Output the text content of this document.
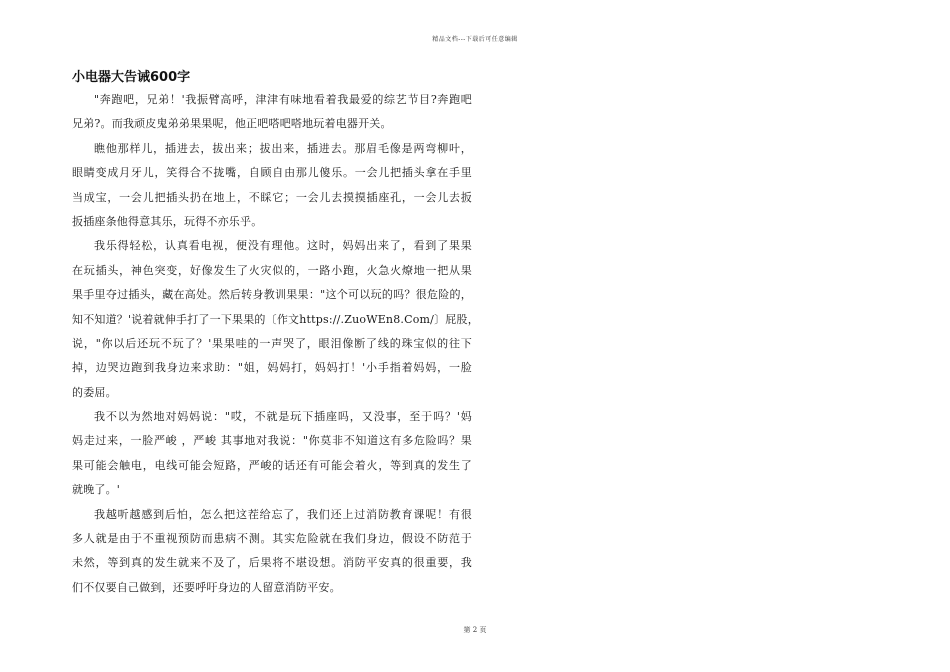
精品文档---下载后可任意编辑
小电器大告诫600字

"奔跑吧，兄弟！'我振臂高呼，津津有味地看着我最爱的综艺节目?奔跑吧
兄弟?。而我顽皮鬼弟弟果果呢，他正吧嗒吧嗒地玩着电器开关。

瞧他那样儿，插进去，拔出来；拔出来，插进去。那眉毛像是两弯柳叶，
眼睛变成月牙儿，笑得合不拢嘴，自顾自由那儿傻乐。一会儿把插头拿在手里
当成宝，一会儿把插头扔在地上，不睬它；一会儿去摸摸插座孔，一会儿去扳
扳插座条他得意其乐，玩得不亦乐乎。

我乐得轻松，认真看电视，便没有理他。这时，妈妈出来了，看到了果果
在玩插头，神色突变，好像发生了火灾似的，一路小跑，火急火燎地一把从果
果手里夺过插头，藏在高处。然后转身教训果果："这个可以玩的吗？很危险的，
知不知道？'说着就伸手打了一下果果的〔作文https://.ZuoWEn8.Com/〕屁股，
说，"你以后还玩不玩了？'果果哇的一声哭了，眼泪像断了线的珠宝似的往下
掉，边哭边跑到我身边来求助："姐，妈妈打，妈妈打！'小手指着妈妈，一脸
的委屈。

我不以为然地对妈妈说："哎，不就是玩下插座吗，又没事，至于吗？'妈
妈走过来，一脸严峻 ，严峻 其事地对我说："你莫非不知道这有多危险吗？果
果可能会触电，电线可能会短路，严峻的话还有可能会着火，等到真的发生了
就晚了。'

我越听越感到后怕，怎么把这茬给忘了，我们还上过消防教育课呢！有很
多人就是由于不重视预防而患病不测。其实危险就在我们身边，假设不防范于
未然，等到真的发生就来不及了，后果将不堪设想。消防平安真的很重要，我
们不仅要自己做到，还要呼吁身边的人留意消防平安。

第 2 页
